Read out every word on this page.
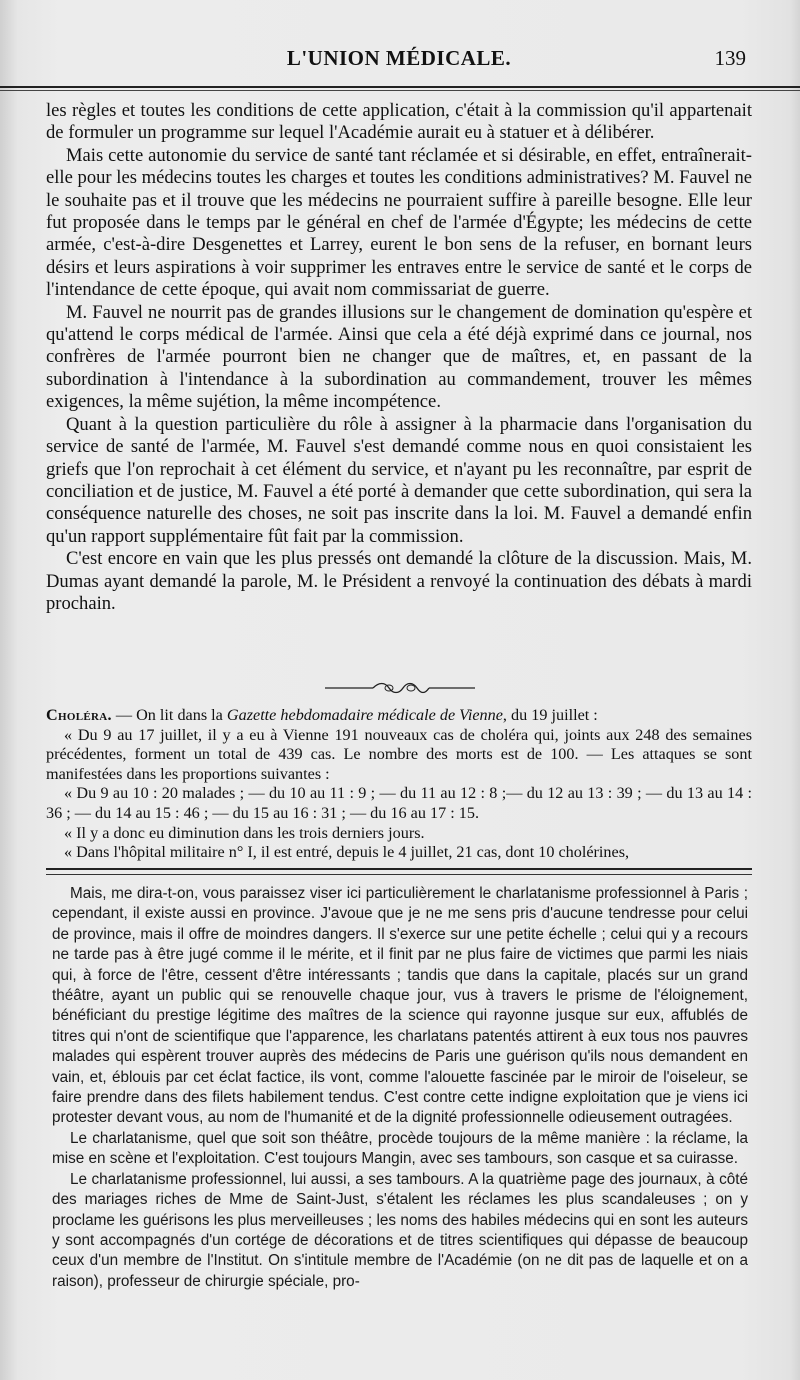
L'UNION MÉDICALE.	139

les règles et toutes les conditions de cette application, c'était à la commission qu'il appartenait de formuler un programme sur lequel l'Académie aurait eu à statuer et à délibérer.

Mais cette autonomie du service de santé tant réclamée et si désirable, en effet, entraînerait-elle pour les médecins toutes les charges et toutes les conditions administratives? M. Fauvel ne le souhaite pas et il trouve que les médecins ne pourraient suffire à pareille besogne. Elle leur fut proposée dans le temps par le général en chef de l'armée d'Égypte; les médecins de cette armée, c'est-à-dire Desgenettes et Larrey, eurent le bon sens de la refuser, en bornant leurs désirs et leurs aspirations à voir supprimer les entraves entre le service de santé et le corps de l'intendance de cette époque, qui avait nom commissariat de guerre.

M. Fauvel ne nourrit pas de grandes illusions sur le changement de domination qu'espère et qu'attend le corps médical de l'armée. Ainsi que cela a été déjà exprimé dans ce journal, nos confrères de l'armée pourront bien ne changer que de maîtres, et, en passant de la subordination à l'intendance à la subordination au commandement, trouver les mêmes exigences, la même sujétion, la même incompétence.

Quant à la question particulière du rôle à assigner à la pharmacie dans l'organisation du service de santé de l'armée, M. Fauvel s'est demandé comme nous en quoi consistaient les griefs que l'on reprochait à cet élément du service, et n'ayant pu les reconnaître, par esprit de conciliation et de justice, M. Fauvel a été porté à demander que cette subordination, qui sera la conséquence naturelle des choses, ne soit pas inscrite dans la loi. M. Fauvel a demandé enfin qu'un rapport supplémentaire fût fait par la commission.

C'est encore en vain que les plus pressés ont demandé la clôture de la discussion. Mais, M. Dumas ayant demandé la parole, M. le Président a renvoyé la continuation des débats à mardi prochain.

Choléra. — On lit dans la Gazette hebdomadaire médicale de Vienne, du 19 juillet :

« Du 9 au 17 juillet, il y a eu à Vienne 191 nouveaux cas de choléra qui, joints aux 248 des semaines précédentes, forment un total de 439 cas. Le nombre des morts est de 100. — Les attaques se sont manifestées dans les proportions suivantes :

« Du 9 au 10 : 20 malades ; — du 10 au 11 : 9 ; — du 11 au 12 : 8 ;— du 12 au 13 : 39 ; — du 13 au 14 : 36 ; — du 14 au 15 : 46 ; — du 15 au 16 : 31 ; — du 16 au 17 : 15.

« Il y a donc eu diminution dans les trois derniers jours.

« Dans l'hôpital militaire n° I, il est entré, depuis le 4 juillet, 21 cas, dont 10 cholérines,

Mais, me dira-t-on, vous paraissez viser ici particulièrement le charlatanisme professionnel à Paris ; cependant, il existe aussi en province. J'avoue que je ne me sens pris d'aucune tendresse pour celui de province, mais il offre de moindres dangers. Il s'exerce sur une petite échelle ; celui qui y a recours ne tarde pas à être jugé comme il le mérite, et il finit par ne plus faire de victimes que parmi les niais qui, à force de l'être, cessent d'être intéressants ; tandis que dans la capitale, placés sur un grand théâtre, ayant un public qui se renouvelle chaque jour, vus à travers le prisme de l'éloignement, bénéficiant du prestige légitime des maîtres de la science qui rayonne jusque sur eux, affublés de titres qui n'ont de scientifique que l'apparence, les charlatans patentés attirent à eux tous nos pauvres malades qui espèrent trouver auprès des médecins de Paris une guérison qu'ils nous demandent en vain, et, éblouis par cet éclat factice, ils vont, comme l'alouette fascinée par le miroir de l'oiseleur, se faire prendre dans des filets habilement tendus. C'est contre cette indigne exploitation que je viens ici protester devant vous, au nom de l'humanité et de la dignité professionnelle odieusement outragées.

Le charlatanisme, quel que soit son théâtre, procède toujours de la même manière : la réclame, la mise en scène et l'exploitation. C'est toujours Mangin, avec ses tambours, son casque et sa cuirasse.

Le charlatanisme professionnel, lui aussi, a ses tambours. A la quatrième page des journaux, à côté des mariages riches de Mme de Saint-Just, s'étalent les réclames les plus scandaleuses ; on y proclame les guérisons les plus merveilleuses ; les noms des habiles médecins qui en sont les auteurs y sont accompagnés d'un cortége de décorations et de titres scientifiques qui dépasse de beaucoup ceux d'un membre de l'Institut. On s'intitule membre de l'Académie (on ne dit pas de laquelle et on a raison), professeur de chirurgie spéciale, pro-
